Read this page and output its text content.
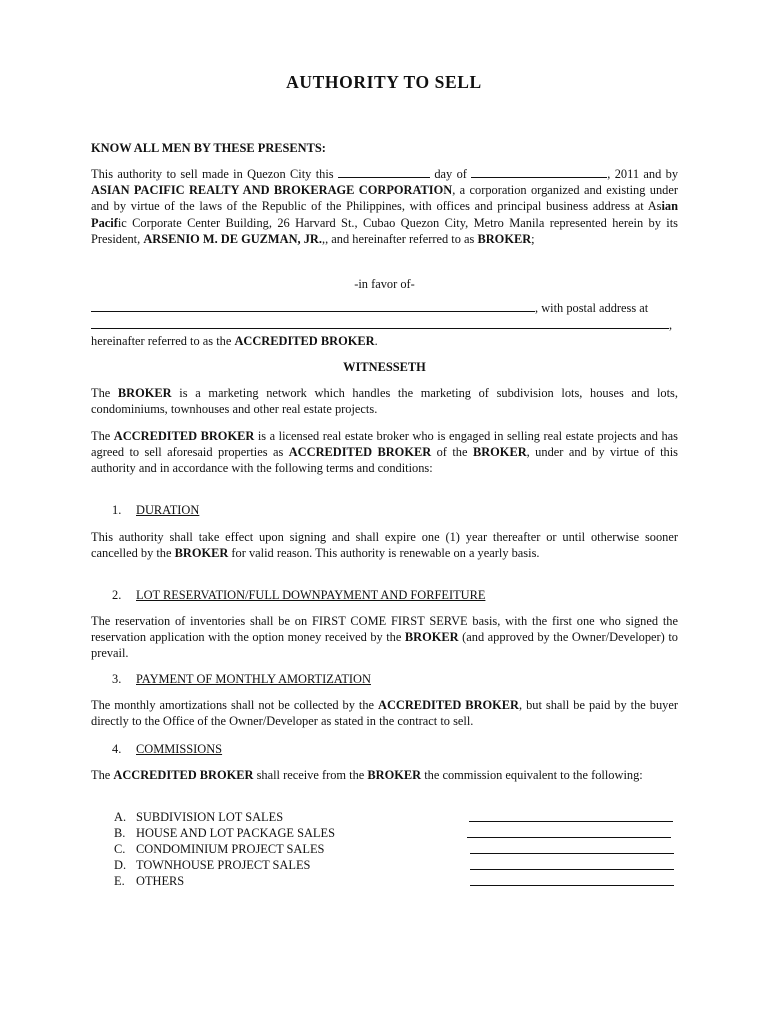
AUTHORITY TO SELL
KNOW ALL MEN BY THESE PRESENTS:
This authority to sell made in Quezon City this	day of	, 2011 and by ASIAN PACIFIC REALTY AND BROKERAGE CORPORATION, a corporation organized and existing under and by virtue of the laws of the Republic of the Philippines, with offices and principal business address at Asian Pacific Corporate Center Building, 26 Harvard St., Cubao Quezon City, Metro Manila represented herein by its President, ARSENIO M. DE GUZMAN, JR.,, and hereinafter referred to as BROKER;
-in favor of-
, with postal address at
,
hereinafter referred to as the ACCREDITED BROKER.
WITNESSETH
The BROKER is a marketing network which handles the marketing of subdivision lots, houses and lots, condominiums, townhouses and other real estate projects.
The ACCREDITED BROKER is a licensed real estate broker who is engaged in selling real estate projects and has agreed to sell aforesaid properties as ACCREDITED BROKER of the BROKER, under and by virtue of this authority and in accordance with the following terms and conditions:
1. DURATION
This authority shall take effect upon signing and shall expire one (1) year thereafter or until otherwise sooner cancelled by the BROKER for valid reason. This authority is renewable on a yearly basis.
2. LOT RESERVATION/FULL DOWNPAYMENT AND FORFEITURE
The reservation of inventories shall be on FIRST COME FIRST SERVE basis, with the first one who signed the reservation application with the option money received by the BROKER (and approved by the Owner/Developer) to prevail.
3. PAYMENT OF MONTHLY AMORTIZATION
The monthly amortizations shall not be collected by the ACCREDITED BROKER, but shall be paid by the buyer directly to the Office of the Owner/Developer as stated in the contract to sell.
4. COMMISSIONS
The ACCREDITED BROKER shall receive from the BROKER the commission equivalent to the following:
A. SUBDIVISION LOT SALES
B. HOUSE AND LOT PACKAGE SALES
C. CONDOMINIUM PROJECT SALES
D. TOWNHOUSE PROJECT SALES
E. OTHERS
